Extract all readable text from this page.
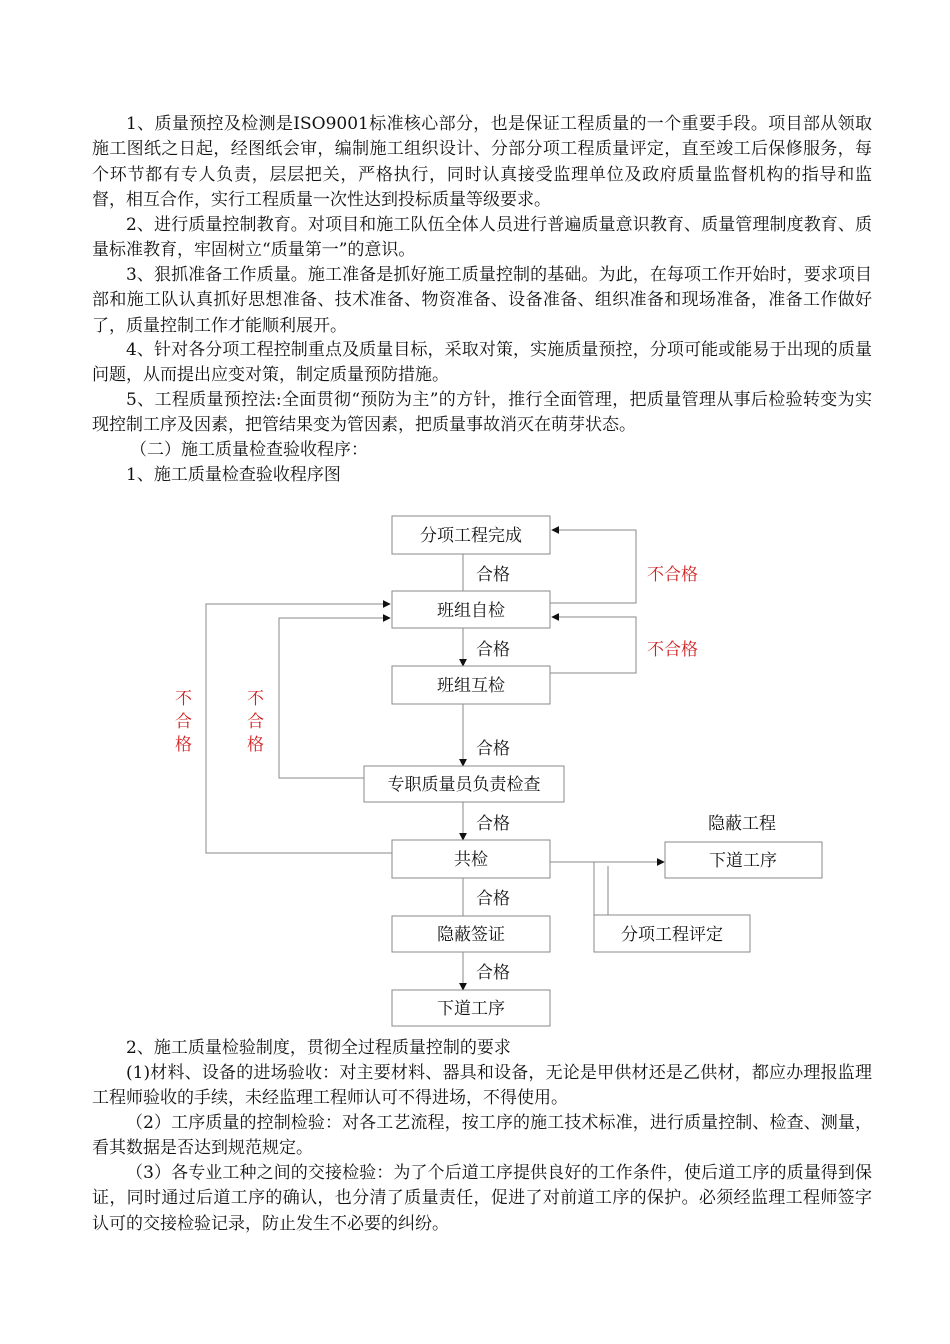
1、质量预控及检测是ISO9001标准核心部分，也是保证工程质量的一个重要手段。项目部从领取施工图纸之日起，经图纸会审，编制施工组织设计、分部分项工程质量评定，直至竣工后保修服务，每个环节都有专人负责，层层把关，严格执行，同时认真接受监理单位及政府质量监督机构的指导和监督，相互合作，实行工程质量一次性达到投标质量等级要求。

2、进行质量控制教育。对项目和施工队伍全体人员进行普遍质量意识教育、质量管理制度教育、质量标准教育，牢固树立“质量第一”的意识。

3、狠抓准备工作质量。施工准备是抓好施工质量控制的基础。为此，在每项工作开始时，要求项目部和施工队认真抓好思想准备、技术准备、物资准备、设备准备、组织准备和现场准备，准备工作做好了，质量控制工作才能顺利展开。

4、针对各分项工程控制重点及质量目标，采取对策，实施质量预控，分项可能或能易于出现的质量问题，从而提出应变对策，制定质量预防措施。

5、工程质量预控法:全面贯彻“预防为主”的方针，推行全面管理，把质量管理从事后检验转变为实现控制工序及因素，把管结果变为管因素，把质量事故消灭在萌芽状态。

（二）施工质量检查验收程序：

1、施工质量检查验收程序图

分项工程完成
班组自检
班组互检
专职质量员负责检查
共检
隐蔽签证
下道工序
下道工序
分项工程评定
隐蔽工程
合格
合格
合格
合格
合格
合格
不合格
不合格
不
合
格
不
合
格

2、施工质量检验制度，贯彻全过程质量控制的要求

(1)材料、设备的进场验收：对主要材料、器具和设备，无论是甲供材还是乙供材，都应办理报监理工程师验收的手续，未经监理工程师认可不得进场，不得使用。

（2）工序质量的控制检验：对各工艺流程，按工序的施工技术标准，进行质量控制、检查、测量，看其数据是否达到规范规定。

（3）各专业工种之间的交接检验：为了个后道工序提供良好的工作条件，使后道工序的质量得到保证，同时通过后道工序的确认，也分清了质量责任，促进了对前道工序的保护。必须经监理工程师签字认可的交接检验记录，防止发生不必要的纠纷。
